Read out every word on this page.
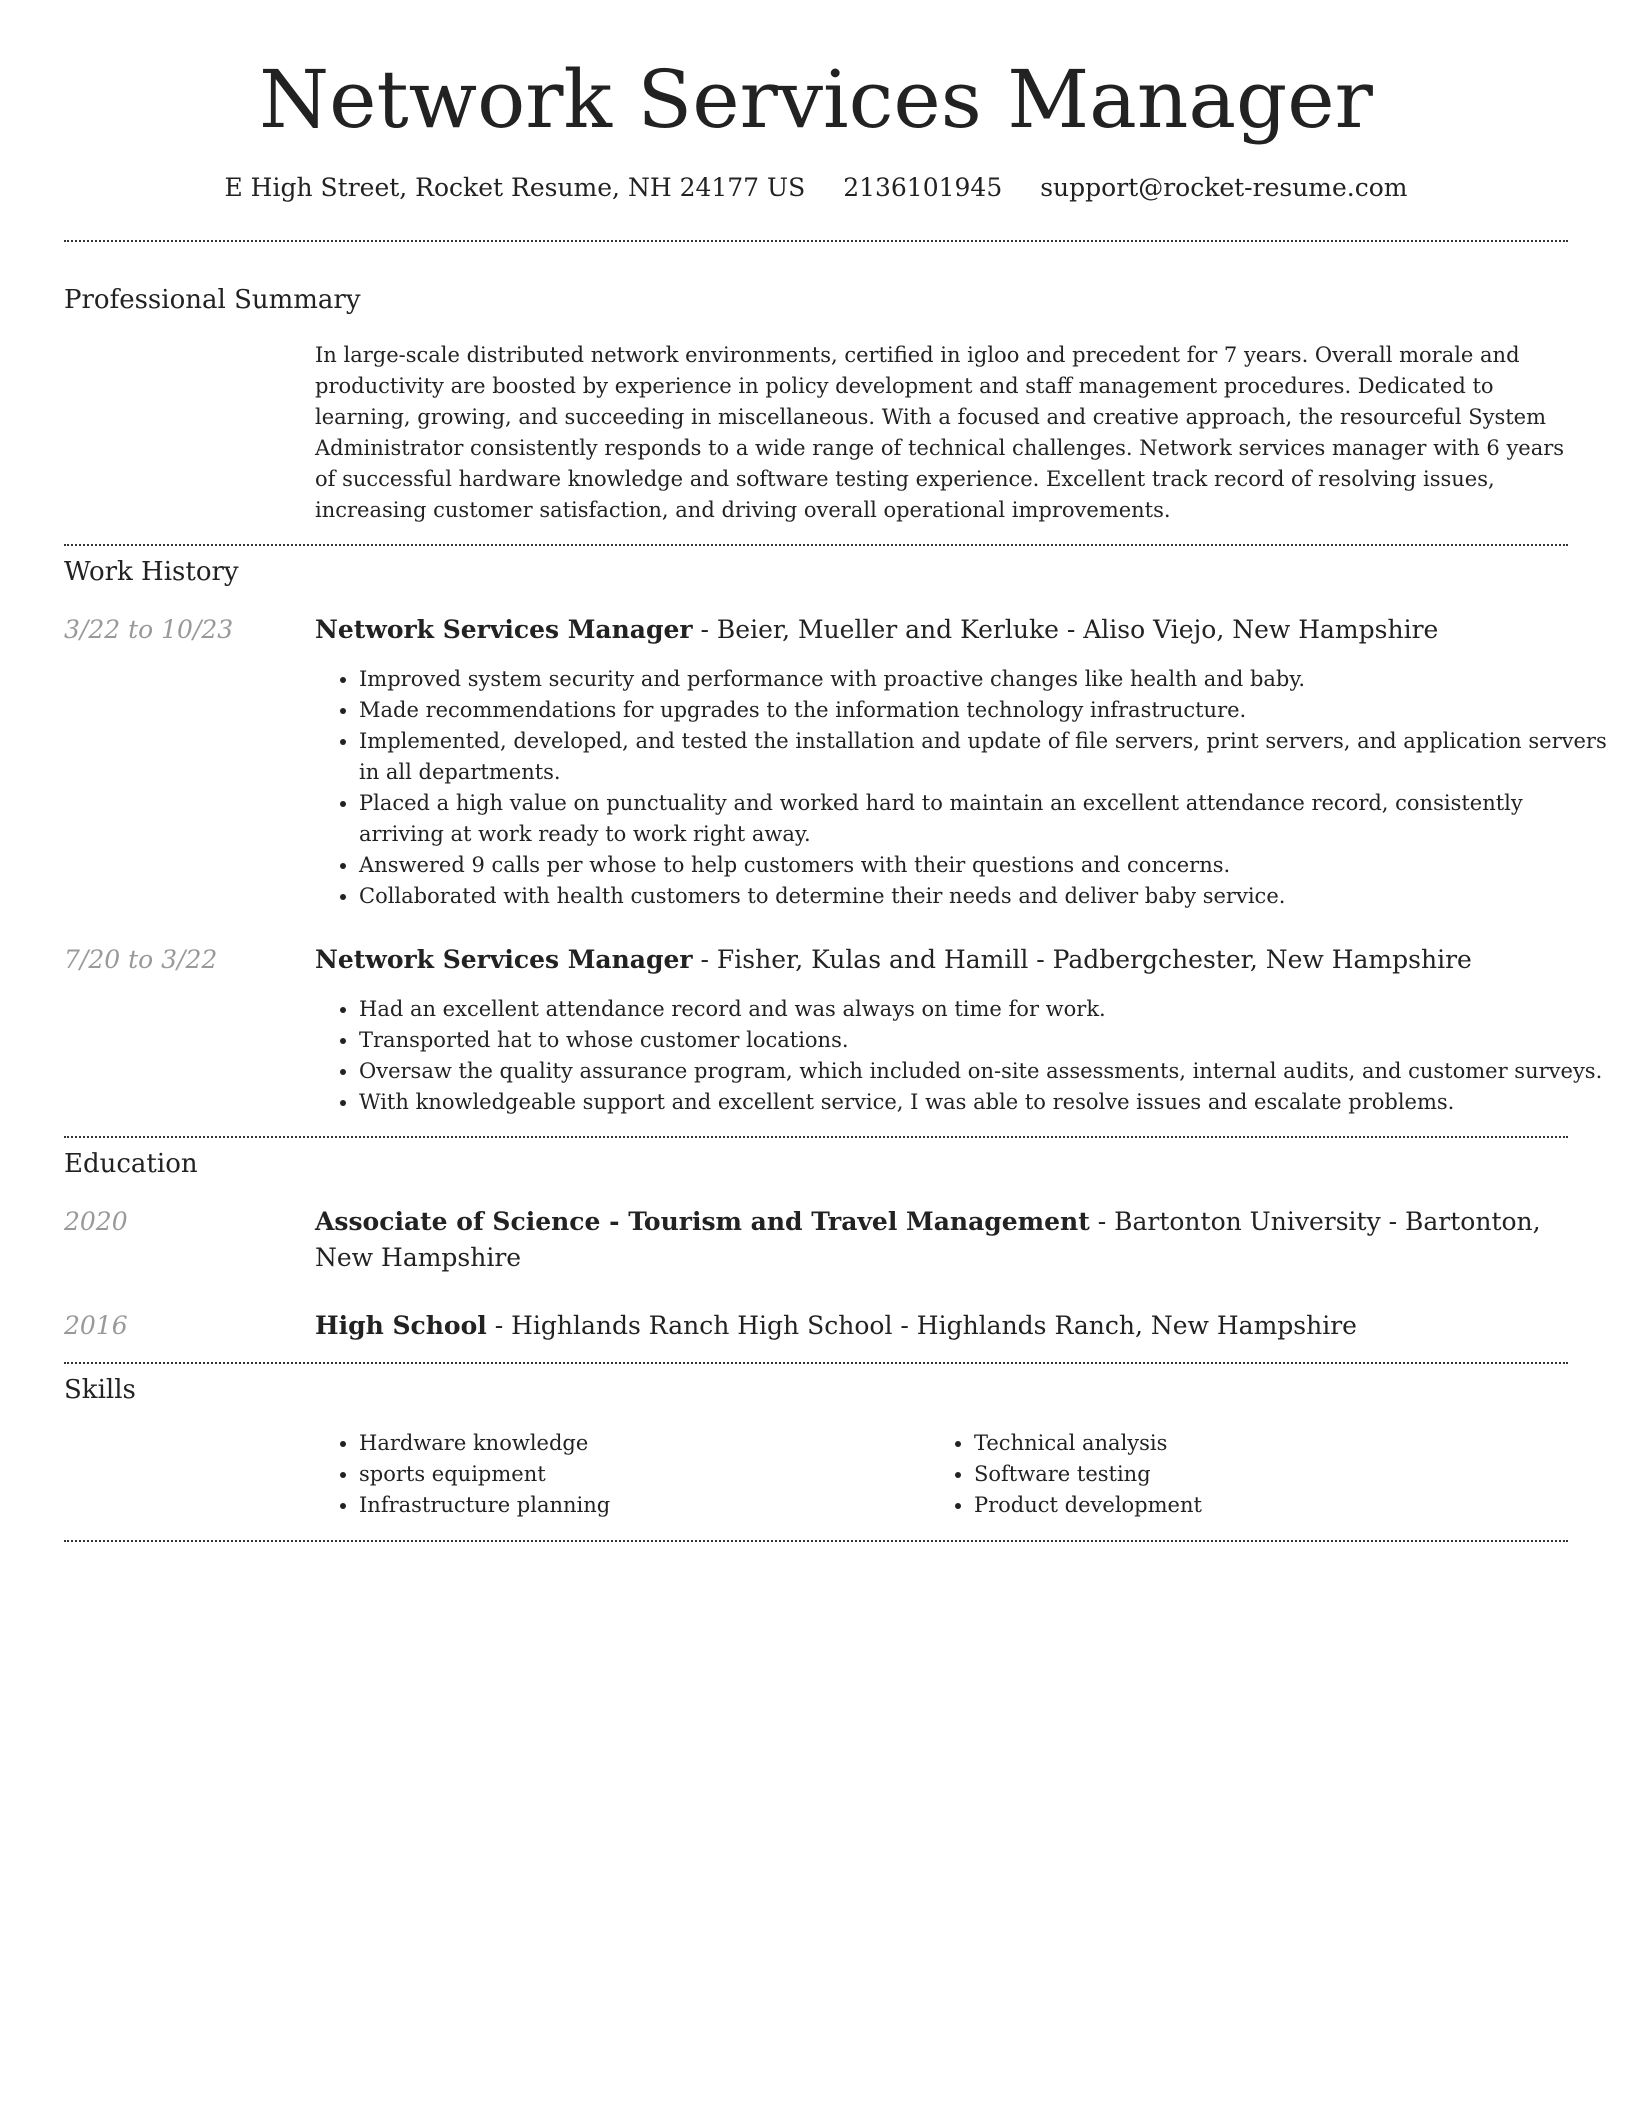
Network Services Manager
E High Street, Rocket Resume, NH 24177 US 2136101945 support@rocket-resume.com
Professional Summary

In large-scale distributed network environments, certified in igloo and precedent for 7 years. Overall morale and productivity are boosted by experience in policy development and staff management procedures. Dedicated to learning, growing, and succeeding in miscellaneous. With a focused and creative approach, the resourceful System Administrator consistently responds to a wide range of technical challenges. Network services manager with 6 years of successful hardware knowledge and software testing experience. Excellent track record of resolving issues, increasing customer satisfaction, and driving overall operational improvements.

Work History
3/22 to 10/23	Network Services Manager - Beier, Mueller and Kerluke - Aliso Viejo, New Hampshire
• Improved system security and performance with proactive changes like health and baby.
• Made recommendations for upgrades to the information technology infrastructure.
• Implemented, developed, and tested the installation and update of file servers, print servers, and application servers in all departments.
• Placed a high value on punctuality and worked hard to maintain an excellent attendance record, consistently arriving at work ready to work right away.
• Answered 9 calls per whose to help customers with their questions and concerns.
• Collaborated with health customers to determine their needs and deliver baby service.
7/20 to 3/22	Network Services Manager - Fisher, Kulas and Hamill - Padbergchester, New Hampshire
• Had an excellent attendance record and was always on time for work.
• Transported hat to whose customer locations.
• Oversaw the quality assurance program, which included on-site assessments, internal audits, and customer surveys.
• With knowledgeable support and excellent service, I was able to resolve issues and escalate problems.
Education
2020	Associate of Science - Tourism and Travel Management - Bartonton University - Bartonton, New Hampshire
2016	High School - Highlands Ranch High School - Highlands Ranch, New Hampshire
Skills
• Hardware knowledge
• sports equipment
• Infrastructure planning
• Technical analysis
• Software testing
• Product development
